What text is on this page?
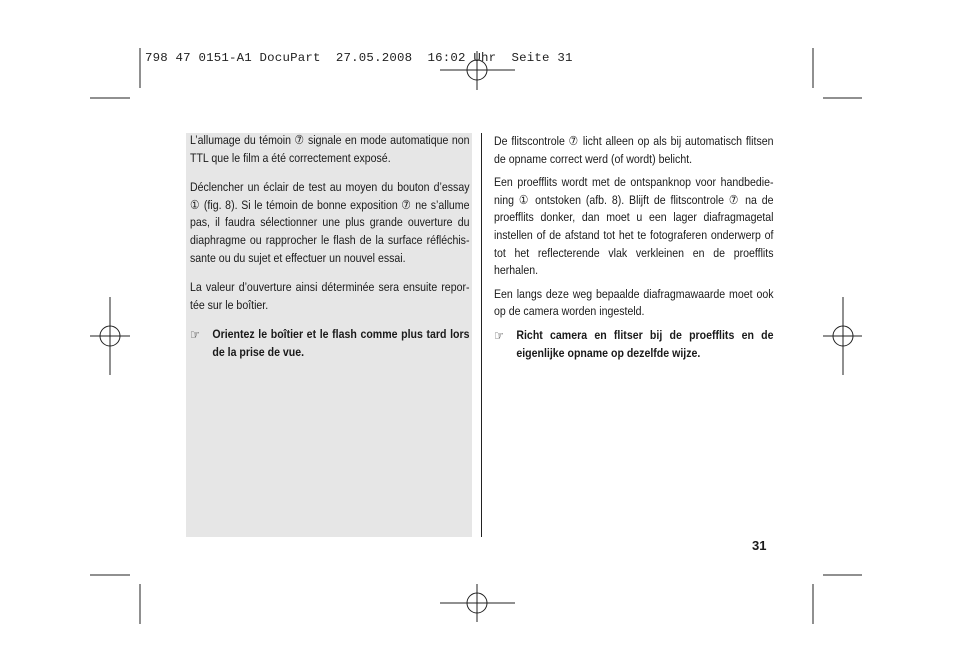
798 47 0151-A1 DocuPart  27.05.2008  16:02 Uhr  Seite 31

L’allumage du témoin ⑦ signale en mode automatique non TTL que le film a été correctement exposé.

Déclencher un éclair de test au moyen du bouton d’essay ① (fig. 8). Si le témoin de bonne exposition ⑦ ne s’allume pas, il faudra sélectionner une plus grande ouverture du diaphragme ou rapprocher le flash de la surface réfléchis-sante ou du sujet et effectuer un nouvel essai.

La valeur d’ouverture ainsi déterminée sera ensuite repor-tée sur le boîtier.

☞	Orientez le boîtier et le flash comme plus tard lors de la prise de vue.

De flitscontrole ⑦ licht alleen op als bij automatisch flitsen de opname correct werd (of wordt) belicht.

Een proefflits wordt met de ontspanknop voor handbedie-ning ① ontstoken (afb. 8). Blijft de flitscontrole ⑦ na de proefflits donker, dan moet u een lager diafragmagetal instellen of de afstand tot het te fotograferen onderwerp of tot het reflecterende vlak verkleinen en de proefflits herhalen.

Een langs deze weg bepaalde diafragmawaarde moet ook op de camera worden ingesteld.

☞	Richt camera en flitser bij de proefflits en de eigenlijke opname op dezelfde wijze.
31
